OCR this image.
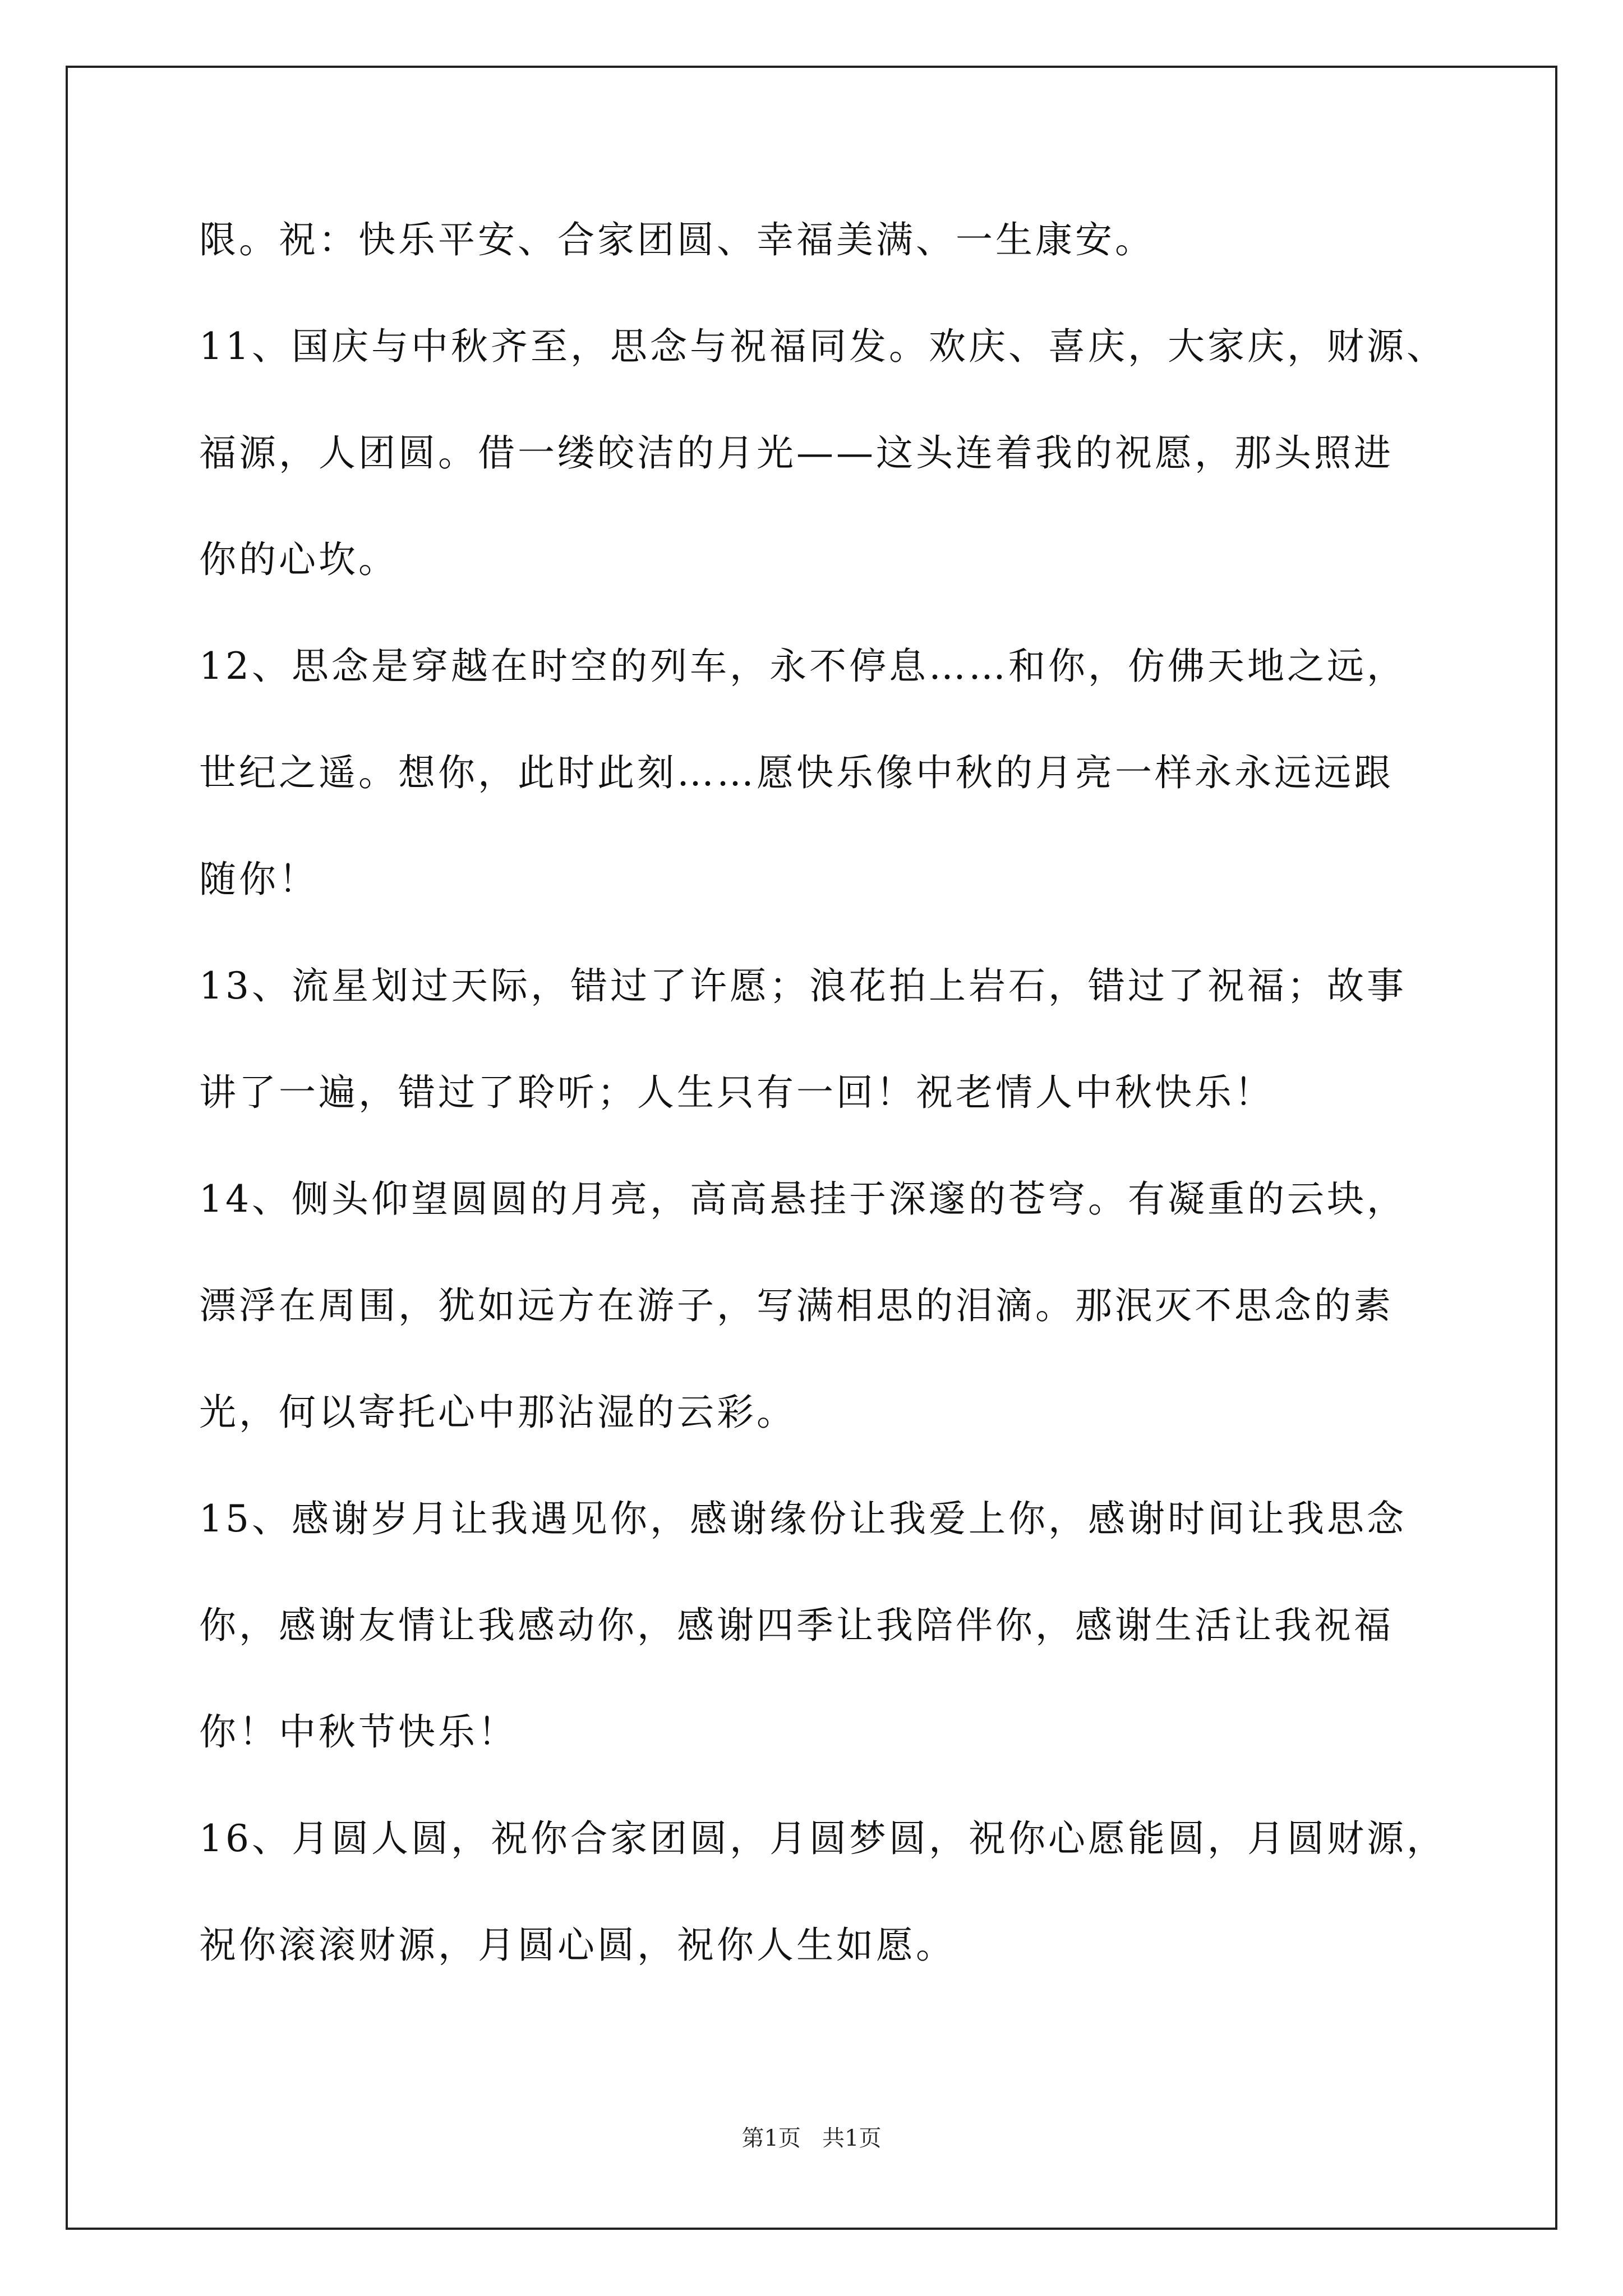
限。祝：快乐平安、合家团圆、幸福美满、一生康安。
11、国庆与中秋齐至，思念与祝福同发。欢庆、喜庆，大家庆，财源、
福源，人团圆。借一缕皎洁的月光——这头连着我的祝愿，那头照进
你的心坎。
12、思念是穿越在时空的列车，永不停息……和你，仿佛天地之远，
世纪之遥。想你，此时此刻……愿快乐像中秋的月亮一样永永远远跟
随你！
13、流星划过天际，错过了许愿；浪花拍上岩石，错过了祝福；故事
讲了一遍，错过了聆听；人生只有一回！祝老情人中秋快乐！
14、侧头仰望圆圆的月亮，高高悬挂于深邃的苍穹。有凝重的云块，
漂浮在周围，犹如远方在游子，写满相思的泪滴。那泯灭不思念的素
光，何以寄托心中那沾湿的云彩。
15、感谢岁月让我遇见你，感谢缘份让我爱上你，感谢时间让我思念
你，感谢友情让我感动你，感谢四季让我陪伴你，感谢生活让我祝福
你！中秋节快乐！
16、月圆人圆，祝你合家团圆，月圆梦圆，祝你心愿能圆，月圆财源，
祝你滚滚财源，月圆心圆，祝你人生如愿。
第1页   共1页
